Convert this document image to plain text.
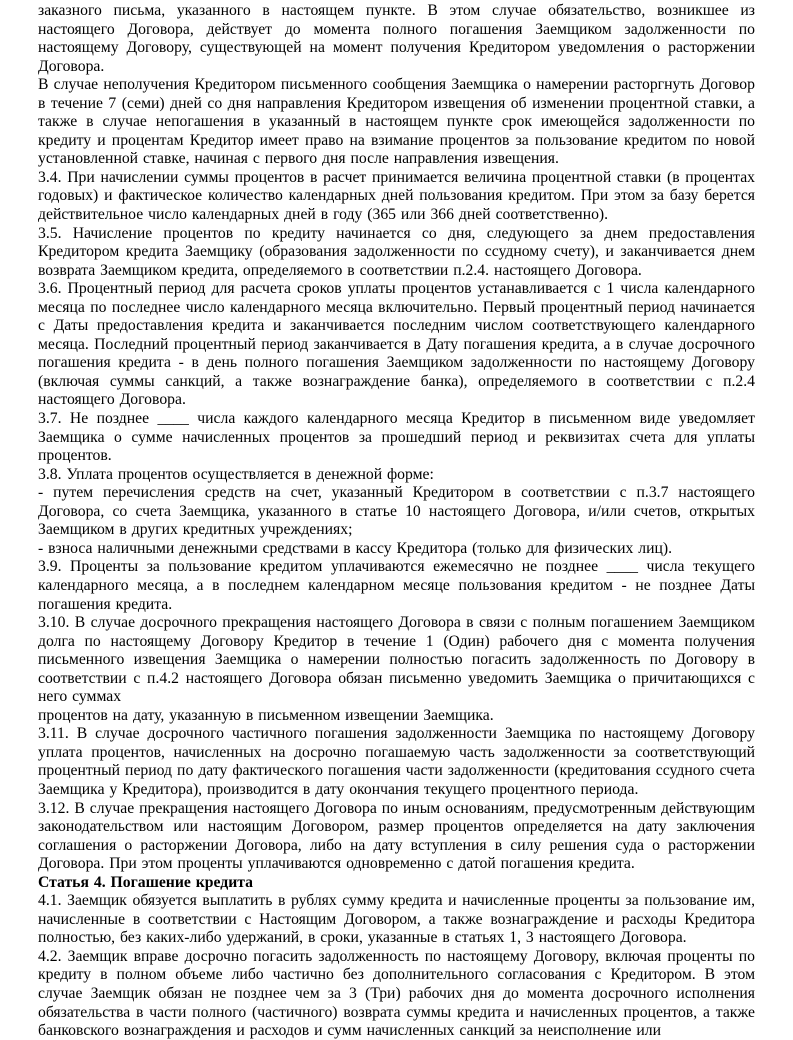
заказного письма, указанного в настоящем пункте. В этом случае обязательство, возникшее из настоящего Договора, действует до момента полного погашения Заемщиком задолженности по настоящему Договору, существующей на момент получения Кредитором уведомления о расторжении Договора.

В случае неполучения Кредитором письменного сообщения Заемщика о намерении расторгнуть Договор в течение 7 (семи) дней со дня направления Кредитором извещения об изменении процентной ставки, а также в случае непогашения в указанный в настоящем пункте срок имеющейся задолженности по кредиту и процентам Кредитор имеет право на взимание процентов за пользование кредитом по новой установленной ставке, начиная с первого дня после направления извещения.

3.4. При начислении суммы процентов в расчет принимается величина процентной ставки (в процентах годовых) и фактическое количество календарных дней пользования кредитом. При этом за базу берется действительное число календарных дней в году (365 или 366 дней соответственно).

3.5. Начисление процентов по кредиту начинается со дня, следующего за днем предоставления Кредитором кредита Заемщику (образования задолженности по ссудному счету), и заканчивается днем возврата Заемщиком кредита, определяемого в соответствии п.2.4. настоящего Договора.

3.6. Процентный период для расчета сроков уплаты процентов устанавливается с 1 числа календарного месяца по последнее число календарного месяца включительно. Первый процентный период начинается с Даты предоставления кредита и заканчивается последним числом соответствующего календарного месяца. Последний процентный период заканчивается в Дату погашения кредита, а в случае досрочного погашения кредита - в день полного погашения Заемщиком задолженности по настоящему Договору (включая суммы санкций, а также вознаграждение банка), определяемого в соответствии с п.2.4 настоящего Договора.

3.7. Не позднее ____ числа каждого календарного месяца Кредитор в письменном виде уведомляет Заемщика о сумме начисленных процентов за прошедший период и реквизитах счета для уплаты процентов.

3.8. Уплата процентов осуществляется в денежной форме:

- путем перечисления средств на счет, указанный Кредитором в соответствии с п.3.7 настоящего Договора, со счета Заемщика, указанного в статье 10 настоящего Договора, и/или счетов, открытых Заемщиком в других кредитных учреждениях;

- взноса наличными денежными средствами в кассу Кредитора (только для физических лиц).

3.9. Проценты за пользование кредитом уплачиваются ежемесячно не позднее ____ числа текущего календарного месяца, а в последнем календарном месяце пользования кредитом - не позднее Даты погашения кредита.

3.10. В случае досрочного прекращения настоящего Договора в связи с полным погашением Заемщиком долга по настоящему Договору Кредитор в течение 1 (Один) рабочего дня с момента получения письменного извещения Заемщика о намерении полностью погасить задолженность по Договору в соответствии с п.4.2 настоящего Договора обязан письменно уведомить Заемщика о причитающихся с него суммах

процентов на дату, указанную в письменном извещении Заемщика.

3.11. В случае досрочного частичного погашения задолженности Заемщика по настоящему Договору уплата процентов, начисленных на досрочно погашаемую часть задолженности за соответствующий процентный период по дату фактического погашения части задолженности (кредитования ссудного счета Заемщика у Кредитора), производится в дату окончания текущего процентного периода.

3.12. В случае прекращения настоящего Договора по иным основаниям, предусмотренным действующим законодательством или настоящим Договором, размер процентов определяется на дату заключения соглашения о расторжении Договора, либо на дату вступления в силу решения суда о расторжении Договора. При этом проценты уплачиваются одновременно с датой погашения кредита.

Статья 4. Погашение кредита

4.1. Заемщик обязуется выплатить в рублях сумму кредита и начисленные проценты за пользование им, начисленные в соответствии с Настоящим Договором, а также вознаграждение и расходы Кредитора полностью, без каких-либо удержаний, в сроки, указанные в статьях 1, 3 настоящего Договора.

4.2. Заемщик вправе досрочно погасить задолженность по настоящему Договору, включая проценты по кредиту в полном объеме либо частично без дополнительного согласования с Кредитором. В этом случае Заемщик обязан не позднее чем за 3 (Три) рабочих дня до момента досрочного исполнения обязательства в части полного (частичного) возврата суммы кредита и начисленных процентов, а также банковского вознаграждения и расходов и сумм начисленных санкций за неисполнение или
